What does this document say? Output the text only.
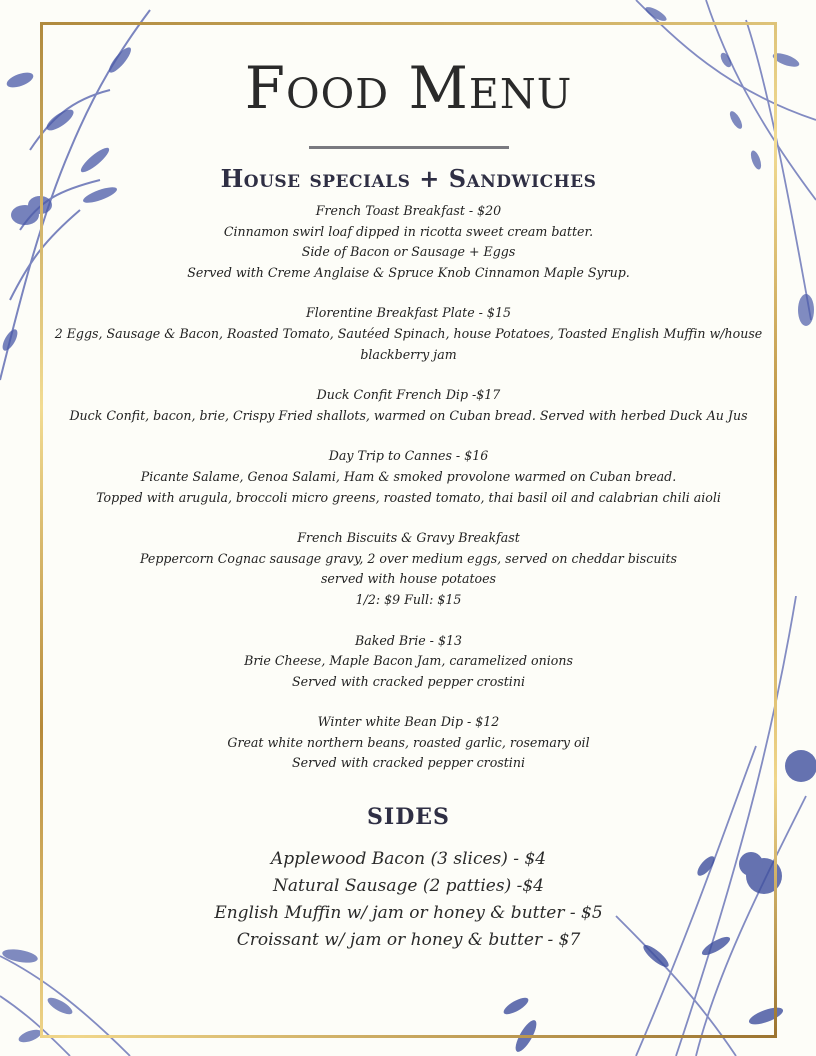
Food Menu
House specials + Sandwiches
French Toast Breakfast - $20
Cinnamon swirl loaf dipped in ricotta sweet cream batter.
Side of Bacon or Sausage + Eggs
Served with Creme Anglaise & Spruce Knob Cinnamon Maple Syrup.
Florentine Breakfast Plate - $15
2 Eggs, Sausage & Bacon, Roasted Tomato, Sautéed Spinach, house Potatoes, Toasted English Muffin w/house
blackberry jam
Duck Confit French Dip -$17
Duck Confit, bacon, brie, Crispy Fried shallots, warmed on Cuban bread. Served with herbed Duck Au Jus
Day Trip to Cannes - $16
Picante Salame, Genoa Salami, Ham & smoked provolone warmed on Cuban bread.
Topped with arugula, broccoli micro greens, roasted tomato, thai basil oil and calabrian chili aioli
French Biscuits & Gravy Breakfast
Peppercorn Cognac sausage gravy, 2 over medium eggs, served on cheddar biscuits
served with house potatoes
1/2: $9 Full: $15
Baked Brie - $13
Brie Cheese, Maple Bacon Jam, caramelized onions
Served with cracked pepper crostini
Winter white Bean Dip - $12
Great white northern beans, roasted garlic, rosemary oil
Served with cracked pepper crostini
SIDES
Applewood Bacon (3 slices) - $4
Natural Sausage (2 patties) -$4
English Muffin w/ jam or honey & butter - $5
Croissant w/ jam or honey & butter - $7
